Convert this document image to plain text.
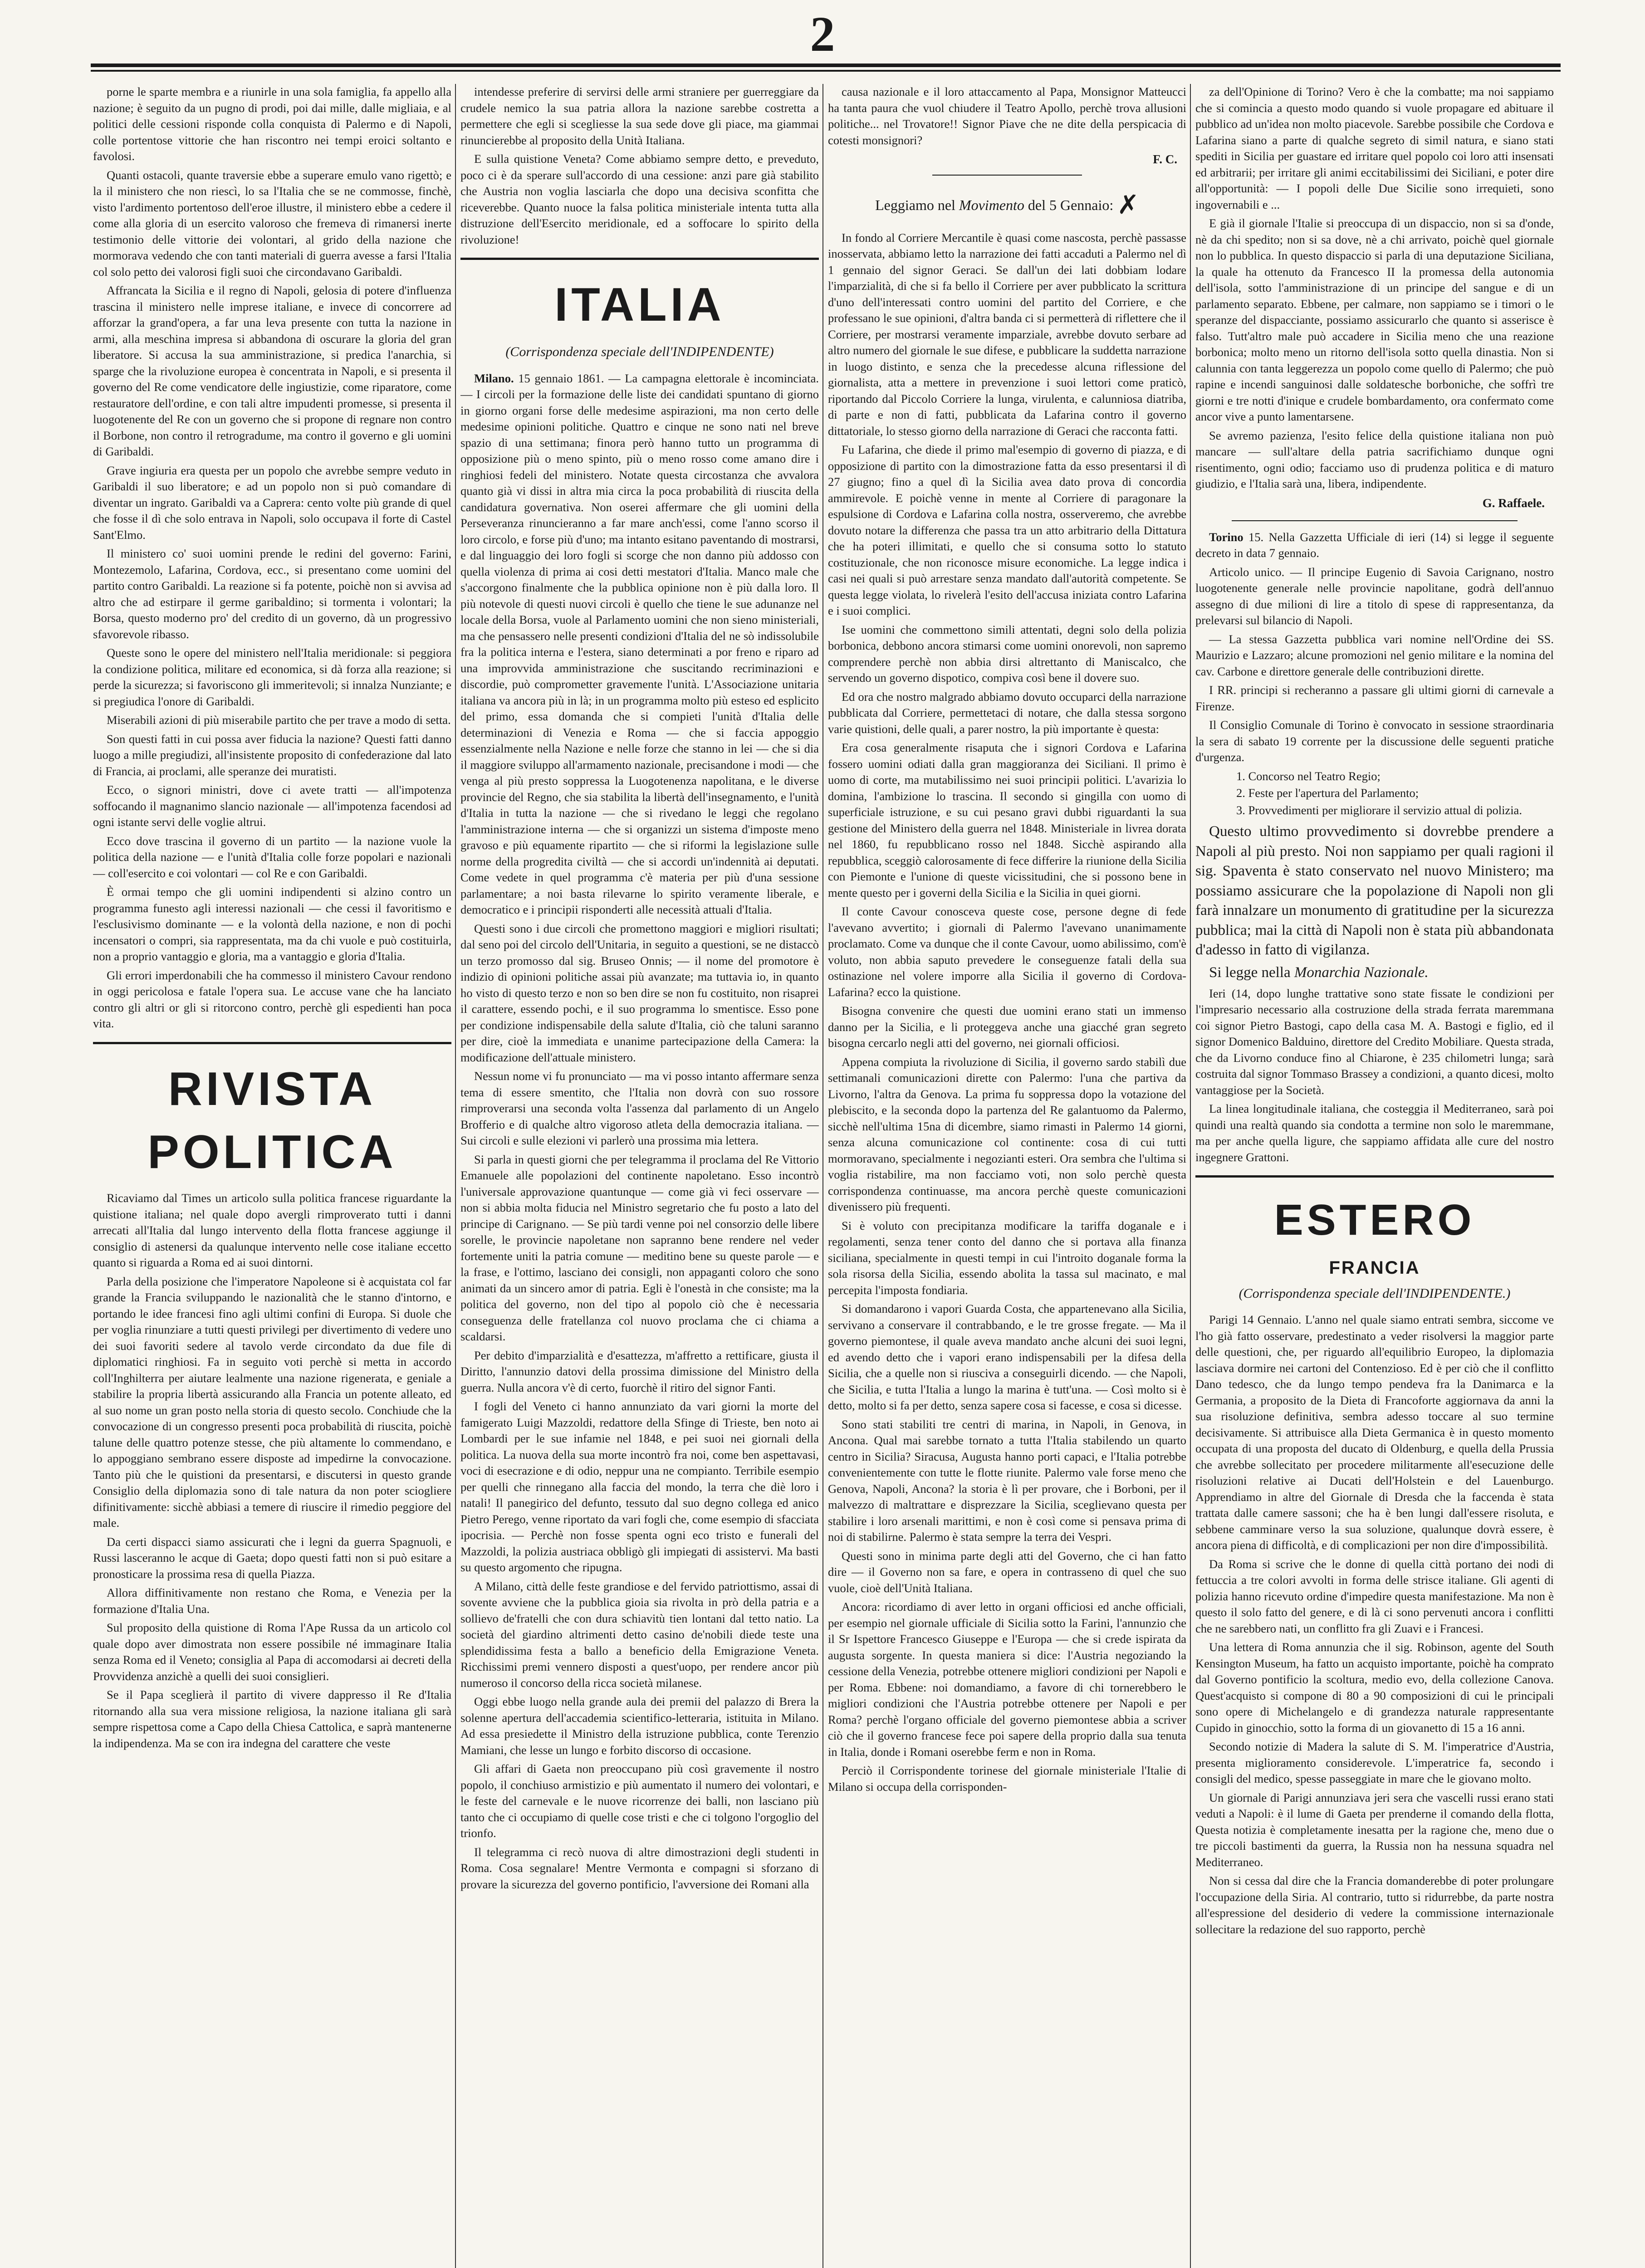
2

porne le sparte membra e a riunirle in una sola famiglia, fa appello alla nazione; è seguito da un pugno di prodi, poi dai mille, dalle migliaia, e al politici delle cessioni risponde colla conquista di Palermo e di Napoli, colle portentose vittorie che han riscontro nei tempi eroici soltanto e favolosi.

Quanti ostacoli, quante traversie ebbe a superare emulo vano rigettò; e la il ministero che non riescì, lo sa l'Italia che se ne commosse, finchè, visto l'ardimento portentoso dell'eroe illustre, il ministero ebbe a cedere il come alla gloria di un esercito valoroso che fremeva di rimanersi inerte testimonio delle vittorie dei volontari, al grido della nazione che mormorava vedendo che con tanti materiali di guerra avesse a farsi l'Italia col solo petto dei valorosi figli suoi che circondavano Garibaldi.

Affrancata la Sicilia e il regno di Napoli, gelosia di potere d'influenza trascina il ministero nelle imprese italiane, e invece di concorrere ad afforzar la grand'opera, a far una leva presente con tutta la nazione in armi, alla meschina impresa si abbandona di oscurare la gloria del gran liberatore. Si accusa la sua amministrazione, si predica l'anarchia, si sparge che la rivoluzione europea è concentrata in Napoli, e si presenta il governo del Re come vendicatore delle ingiustizie, come riparatore, come restauratore dell'ordine, e con tali altre impudenti promesse, si presenta il luogotenente del Re con un governo che si propone di regnare non contro il Borbone, non contro il retrogradume, ma contro il governo e gli uomini di Garibaldi.

Grave ingiuria era questa per un popolo che avrebbe sempre veduto in Garibaldi il suo liberatore; e ad un popolo non si può comandare di diventar un ingrato. Garibaldi va a Caprera: cento volte più grande di quel che fosse il dì che solo entrava in Napoli, solo occupava il forte di Castel Sant'Elmo.

Il ministero co' suoi uomini prende le redini del governo: Farini, Montezemolo, Lafarina, Cordova, ecc., si presentano come uomini del partito contro Garibaldi. La reazione si fa potente, poichè non si avvisa ad altro che ad estirpare il germe garibaldino; si tormenta i volontari; la Borsa, questo moderno pro' del credito di un governo, dà un progressivo sfavorevole ribasso.

Queste sono le opere del ministero nell'Italia meridionale: si peggiora la condizione politica, militare ed economica, si dà forza alla reazione; si perde la sicurezza; si favoriscono gli immeritevoli; si innalza Nunziante; e si pregiudica l'onore di Garibaldi.

Miserabili azioni di più miserabile partito che per trave a modo di setta.

Son questi fatti in cui possa aver fiducia la nazione? Questi fatti danno luogo a mille pregiudizi, all'insistente proposito di confederazione dal lato di Francia, ai proclami, alle speranze dei muratisti.

Ecco, o signori ministri, dove ci avete tratti — all'impotenza soffocando il magnanimo slancio nazionale — all'impotenza facendosi ad ogni istante servi delle voglie altrui.

Ecco dove trascina il governo di un partito — la nazione vuole la politica della nazione — e l'unità d'Italia colle forze popolari e nazionali — coll'esercito e coi volontari — col Re e con Garibaldi.

È ormai tempo che gli uomini indipendenti si alzino contro un programma funesto agli interessi nazionali — che cessi il favoritismo e l'esclusivismo dominante — e la volontà della nazione, e non di pochi incensatori o compri, sia rappresentata, ma da chi vuole e può costituirla, non a proprio vantaggio e gloria, ma a vantaggio e gloria d'Italia.

Gli errori imperdonabili che ha commesso il ministero Cavour rendono in oggi pericolosa e fatale l'opera sua. Le accuse vane che ha lanciato contro gli altri or gli si ritorcono contro, perchè gli espedienti han poca vita.

RIVISTA POLITICA

Ricaviamo dal Times un articolo sulla politica francese riguardante la quistione italiana; nel quale dopo avergli rimproverato tutti i danni arrecati all'Italia dal lungo intervento della flotta francese aggiunge il consiglio di astenersi da qualunque intervento nelle cose italiane eccetto quanto si riguarda a Roma ed ai suoi dintorni.

Parla della posizione che l'imperatore Napoleone si è acquistata col far grande la Francia sviluppando le nazionalità che le stanno d'intorno, e portando le idee francesi fino agli ultimi confini di Europa. Si duole che per voglia rinunziare a tutti questi privilegi per divertimento di vedere uno dei suoi favoriti sedere al tavolo verde circondato da due file di diplomatici ringhiosi. Fa in seguito voti perchè si metta in accordo coll'Inghilterra per aiutare lealmente una nazione rigenerata, e geniale a stabilire la propria libertà assicurando alla Francia un potente alleato, ed al suo nome un gran posto nella storia di questo secolo. Conchiude che la convocazione di un congresso presenti poca probabilità di riuscita, poichè talune delle quattro potenze stesse, che più altamente lo commendano, e lo appoggiano sembrano essere disposte ad impedirne la convocazione. Tanto più che le quistioni da presentarsi, e discutersi in questo grande Consiglio della diplomazia sono di tale natura da non poter sciogliere difinitivamente: sicchè abbiasi a temere di riuscire il rimedio peggiore del male.

Da certi dispacci siamo assicurati che i legni da guerra Spagnuoli, e Russi lasceranno le acque di Gaeta; dopo questi fatti non si può esitare a pronosticare la prossima resa di quella Piazza.

Allora diffinitivamente non restano che Roma, e Venezia per la formazione d'Italia Una.

Sul proposito della quistione di Roma l'Ape Russa da un articolo col quale dopo aver dimostrata non essere possibile né immaginare Italia senza Roma ed il Veneto; consiglia al Papa di accomodarsi ai decreti della Provvidenza anzichè a quelli dei suoi consiglieri.

Se il Papa sceglierà il partito di vivere dappresso il Re d'Italia ritornando alla sua vera missione religiosa, la nazione italiana gli sarà sempre rispettosa come a Capo della Chiesa Cattolica, e saprà mantenerne la indipendenza. Ma se con ira indegna del carattere che veste

intendesse preferire di servirsi delle armi straniere per guerreggiare da crudele nemico la sua patria allora la nazione sarebbe costretta a permettere che egli si scegliesse la sua sede dove gli piace, ma giammai rinuncierebbe al proposito della Unità Italiana.

E sulla quistione Veneta? Come abbiamo sempre detto, e preveduto, poco ci è da sperare sull'accordo di una cessione: anzi pare già stabilito che Austria non voglia lasciarla che dopo una decisiva sconfitta che riceverebbe. Quanto nuoce la falsa politica ministeriale intenta tutta alla distruzione dell'Esercito meridionale, ed a soffocare lo spirito della rivoluzione!

ITALIA
(Corrispondenza speciale dell'INDIPENDENTE)

Milano. 15 gennaio 1861. — La campagna elettorale è incominciata. — I circoli per la formazione delle liste dei candidati spuntano di giorno in giorno organi forse delle medesime aspirazioni, ma non certo delle medesime opinioni politiche. Quattro e cinque ne sono nati nel breve spazio di una settimana; finora però hanno tutto un programma di opposizione più o meno spinto, più o meno rosso come amano dire i ringhiosi fedeli del ministero. Notate questa circostanza che avvalora quanto già vi dissi in altra mia circa la poca probabilità di riuscita della candidatura governativa. Non oserei affermare che gli uomini della Perseveranza rinuncieranno a far mare anch'essi, come l'anno scorso il loro circolo, e forse più d'uno; ma intanto esitano paventando di mostrarsi, e dal linguaggio dei loro fogli si scorge che non danno più addosso con quella violenza di prima ai cosi detti mestatori d'Italia. Manco male che s'accorgono finalmente che la pubblica opinione non è più dalla loro. Il più notevole di questi nuovi circoli è quello che tiene le sue adunanze nel locale della Borsa, vuole al Parlamento uomini che non sieno ministeriali, ma che pensassero nelle presenti condizioni d'Italia del ne sò indissolubile fra la politica interna e l'estera, siano determinati a por freno e riparo ad una improvvida amministrazione che suscitando recriminazioni e discordie, può comprometter gravemente l'unità. L'Associazione unitaria italiana va ancora più in là; in un programma molto più esteso ed esplicito del primo, essa domanda che si compieti l'unità d'Italia delle determinazioni di Venezia e Roma — che si faccia appoggio essenzialmente nella Nazione e nelle forze che stanno in lei — che si dia il maggiore sviluppo all'armamento nazionale, precisandone i modi — che venga al più presto soppressa la Luogotenenza napolitana, e le diverse provincie del Regno, che sia stabilita la libertà dell'insegnamento, e l'unità d'Italia in tutta la nazione — che si rivedano le leggi che regolano l'amministrazione interna — che si organizzi un sistema d'imposte meno gravoso e più equamente ripartito — che si riformi la legislazione sulle norme della progredita civiltà — che si accordi un'indennità ai deputati. Come vedete in quel programma c'è materia per più d'una sessione parlamentare; a noi basta rilevarne lo spirito veramente liberale, e democratico e i principii risponderti alle necessità attuali d'Italia.

Questi sono i due circoli che promettono maggiori e migliori risultati; dal seno poi del circolo dell'Unitaria, in seguito a questioni, se ne distaccò un terzo promosso dal sig. Bruseo Onnis; — il nome del promotore è indizio di opinioni politiche assai più avanzate; ma tuttavia io, in quanto ho visto di questo terzo e non so ben dire se non fu costituito, non risaprei il carattere, essendo pochi, e il suo programma lo smentisce. Esso pone per condizione indispensabile della salute d'Italia, ciò che taluni saranno per dire, cioè la immediata e unanime partecipazione della Camera: la modificazione dell'attuale ministero.

Nessun nome vi fu pronunciato — ma vi posso intanto affermare senza tema di essere smentito, che l'Italia non dovrà con suo rossore rimproverarsi una seconda volta l'assenza dal parlamento di un Angelo Brofferio e di qualche altro vigoroso atleta della democrazia italiana. — Sui circoli e sulle elezioni vi parlerò una prossima mia lettera.

Si parla in questi giorni che per telegramma il proclama del Re Vittorio Emanuele alle popolazioni del continente napoletano. Esso incontrò l'universale approvazione quantunque — come già vi feci osservare — non si abbia molta fiducia nel Ministro segretario che fu posto a lato del principe di Carignano. — Se più tardi venne poi nel consorzio delle libere sorelle, le provincie napoletane non sapranno bene rendere nel veder fortemente uniti la patria comune — meditino bene su queste parole — e la frase, e l'ottimo, lasciano dei consigli, non appaganti coloro che sono animati da un sincero amor di patria. Egli è l'onestà in che consiste; ma la politica del governo, non del tipo al popolo ciò che è necessaria conseguenza delle fratellanza col nuovo proclama che ci chiama a scaldarsi.

Per debito d'imparzialità e d'esattezza, m'affretto a rettificare, giusta il Diritto, l'annunzio datovi della prossima dimissione del Ministro della guerra. Nulla ancora v'è di certo, fuorchè il ritiro del signor Fanti.

I fogli del Veneto ci hanno annunziato da vari giorni la morte del famigerato Luigi Mazzoldi, redattore della Sfinge di Trieste, ben noto ai Lombardi per le sue infamie nel 1848, e pei suoi nei giornali della politica. La nuova della sua morte incontrò fra noi, come ben aspettavasi, voci di esecrazione e di odio, neppur una ne compianto. Terribile esempio per quelli che rinnegano alla faccia del mondo, la terra che diè loro i natali! Il panegirico del defunto, tessuto dal suo degno collega ed anico Pietro Perego, venne riportato da vari fogli che, come esempio di sfacciata ipocrisia. — Perchè non fosse spenta ogni eco tristo e funerali del Mazzoldi, la polizia austriaca obbligò gli impiegati di assistervi. Ma basti su questo argomento che ripugna.

A Milano, città delle feste grandiose e del fervido patriottismo, assai di sovente avviene che la pubblica gioia sia rivolta in prò della patria e a sollievo de'fratelli che con dura schiavitù tien lontani dal tetto natio. La società del giardino altrimenti detto casino de'nobili diede teste una splendidissima festa a ballo a beneficio della Emigrazione Veneta. Ricchissimi premi vennero disposti a quest'uopo, per rendere ancor più numeroso il concorso della ricca società milanese.

Oggi ebbe luogo nella grande aula dei premii del palazzo di Brera la solenne apertura dell'accademia scientifico-letteraria, istituita in Milano. Ad essa presiedette il Ministro della istruzione pubblica, conte Terenzio Mamiani, che lesse un lungo e forbito discorso di occasione.

Gli affari di Gaeta non preoccupano più così gravemente il nostro popolo, il conchiuso armistizio e più aumentato il numero dei volontari, e le feste del carnevale e le nuove ricorrenze dei balli, non lasciano più tanto che ci occupiamo di quelle cose tristi e che ci tolgono l'orgoglio del trionfo.

Il telegramma ci recò nuova di altre dimostrazioni degli studenti in Roma. Cosa segnalare! Mentre Vermonta e compagni si sforzano di provare la sicurezza del governo pontificio, l'avversione dei Romani alla

causa nazionale e il loro attaccamento al Papa, Monsignor Matteucci ha tanta paura che vuol chiudere il Teatro Apollo, perchè trova allusioni politiche... nel Trovatore!! Signor Piave che ne dite della perspicacia di cotesti monsignori?

F. C.
Leggiamo nel Movimento del 5 Gennaio: ✗

In fondo al Corriere Mercantile è quasi come nascosta, perchè passasse inosservata, abbiamo letto la narrazione dei fatti accaduti a Palermo nel dì 1 gennaio del signor Geraci. Se dall'un dei lati dobbiam lodare l'imparzialità, di che si fa bello il Corriere per aver pubblicato la scrittura d'uno dell'interessati contro uomini del partito del Corriere, e che professano le sue opinioni, d'altra banda ci si permetterà di riflettere che il Corriere, per mostrarsi veramente imparziale, avrebbe dovuto serbare ad altro numero del giornale le sue difese, e pubblicare la suddetta narrazione in luogo distinto, e senza che la precedesse alcuna riflessione del giornalista, atta a mettere in prevenzione i suoi lettori come praticò, riportando dal Piccolo Corriere la lunga, virulenta, e calunniosa diatriba, di parte e non di fatti, pubblicata da Lafarina contro il governo dittatoriale, lo stesso giorno della narrazione di Geraci che racconta fatti.

Fu Lafarina, che diede il primo mal'esempio di governo di piazza, e di opposizione di partito con la dimostrazione fatta da esso presentarsi il dì 27 giugno; fino a quel dì la Sicilia avea dato prova di concordia ammirevole. E poichè venne in mente al Corriere di paragonare la espulsione di Cordova e Lafarina colla nostra, osserveremo, che avrebbe dovuto notare la differenza che passa tra un atto arbitrario della Dittatura che ha poteri illimitati, e quello che si consuma sotto lo statuto costituzionale, che non riconosce misure economiche. La legge indica i casi nei quali si può arrestare senza mandato dall'autorità competente. Se questa legge violata, lo rivelerà l'esito dell'accusa iniziata contro Lafarina e i suoi complici.

Ise uomini che commettono simili attentati, degni solo della polizia borbonica, debbono ancora stimarsi come uomini onorevoli, non sapremo comprendere perchè non abbia dirsi altrettanto di Maniscalco, che servendo un governo dispotico, compiva così bene il dovere suo.

Ed ora che nostro malgrado abbiamo dovuto occuparci della narrazione pubblicata dal Corriere, permettetaci di notare, che dalla stessa sorgono varie quistioni, delle quali, a parer nostro, la più importante è questa:

Era cosa generalmente risaputa che i signori Cordova e Lafarina fossero uomini odiati dalla gran maggioranza dei Siciliani. Il primo è uomo di corte, ma mutabilissimo nei suoi principii politici. L'avarizia lo domina, l'ambizione lo trascina. Il secondo si gingilla con uomo di superficiale istruzione, e su cui pesano gravi dubbi riguardanti la sua gestione del Ministero della guerra nel 1848. Ministeriale in livrea dorata nel 1860, fu repubblicano rosso nel 1848. Sicchè aspirando alla repubblica, sceggiò calorosamente di fece differire la riunione della Sicilia con Piemonte e l'unione di queste vicissitudini, che si possono bene in mente questo per i governi della Sicilia e la Sicilia in quei giorni.

Il conte Cavour conosceva queste cose, persone degne di fede l'avevano avvertito; i giornali di Palermo l'avevano unanimamente proclamato. Come va dunque che il conte Cavour, uomo abilissimo, com'è voluto, non abbia saputo prevedere le conseguenze fatali della sua ostinazione nel volere imporre alla Sicilia il governo di Cordova-Lafarina? ecco la quistione.

Bisogna convenire che questi due uomini erano stati un immenso danno per la Sicilia, e li proteggeva anche una giacché gran segreto bisogna cercarlo negli atti del governo, nei giornali officiosi.

Appena compiuta la rivoluzione di Sicilia, il governo sardo stabilì due settimanali comunicazioni dirette con Palermo: l'una che partiva da Livorno, l'altra da Genova. La prima fu soppressa dopo la votazione del plebiscito, e la seconda dopo la partenza del Re galantuomo da Palermo, sicchè nell'ultima 15na di dicembre, siamo rimasti in Palermo 14 giorni, senza alcuna comunicazione col continente: cosa di cui tutti mormoravano, specialmente i negozianti esteri. Ora sembra che l'ultima si voglia ristabilire, ma non facciamo voti, non solo perchè questa corrispondenza continuasse, ma ancora perchè queste comunicazioni divenissero più frequenti.

Si è voluto con precipitanza modificare la tariffa doganale e i regolamenti, senza tener conto del danno che si portava alla finanza siciliana, specialmente in questi tempi in cui l'introito doganale forma la sola risorsa della Sicilia, essendo abolita la tassa sul macinato, e mal percepita l'imposta fondiaria.

Si domandarono i vapori Guarda Costa, che appartenevano alla Sicilia, servivano a conservare il contrabbando, e le tre grosse fregate. — Ma il governo piemontese, il quale aveva mandato anche alcuni dei suoi legni, ed avendo detto che i vapori erano indispensabili per la difesa della Sicilia, che a quelle non si riusciva a conseguirli dicendo. — che Napoli, che Sicilia, e tutta l'Italia a lungo la marina è tutt'una. — Così molto si è detto, molto si fa per detto, senza sapere cosa si facesse, e cosa si dicesse.

Sono stati stabiliti tre centri di marina, in Napoli, in Genova, in Ancona. Qual mai sarebbe tornato a tutta l'Italia stabilendo un quarto centro in Sicilia? Siracusa, Augusta hanno porti capaci, e l'Italia potrebbe convenientemente con tutte le flotte riunite. Palermo vale forse meno che Genova, Napoli, Ancona? la storia è lì per provare, che i Borboni, per il malvezzo di maltrattare e disprezzare la Sicilia, sceglievano questa per stabilire i loro arsenali marittimi, e non è così come si pensava prima di noi di stabilirne. Palermo è stata sempre la terra dei Vespri.

Questi sono in minima parte degli atti del Governo, che ci han fatto dire — il Governo non sa fare, e opera in contrasseno di quel che suo vuole, cioè dell'Unità Italiana.

Ancora: ricordiamo di aver letto in organi officiosi ed anche officiali, per esempio nel giornale ufficiale di Sicilia sotto la Farini, l'annunzio che il Sr Ispettore Francesco Giuseppe e l'Europa — che si crede ispirata da augusta sorgente. In questa maniera si dice: l'Austria negoziando la cessione della Venezia, potrebbe ottenere migliori condizioni per Napoli e per Roma. Ebbene: noi domandiamo, a favore di chi tornerebbero le migliori condizioni che l'Austria potrebbe ottenere per Napoli e per Roma? perchè l'organo officiale del governo piemontese abbia a scriver ciò che il governo francese fece poi sapere della proprio dalla sua tenuta in Italia, donde i Romani oserebbe ferm e non in Roma.

Perciò il Corrispondente torinese del giornale ministeriale l'Italie di Milano si occupa della corrisponden-

za dell'Opinione di Torino? Vero è che la combatte; ma noi sappiamo che si comincia a questo modo quando si vuole propagare ed abituare il pubblico ad un'idea non molto piacevole. Sarebbe possibile che Cordova e Lafarina siano a parte di qualche segreto di simil natura, e siano stati spediti in Sicilia per guastare ed irritare quel popolo coi loro atti insensati ed arbitrarii; per irritare gli animi eccitabilissimi dei Siciliani, e poter dire all'opportunità: — I popoli delle Due Sicilie sono irrequieti, sono ingovernabili e ...

E già il giornale l'Italie si preoccupa di un dispaccio, non si sa d'onde, nè da chi spedito; non si sa dove, nè a chi arrivato, poichè quel giornale non lo pubblica. In questo dispaccio si parla di una deputazione Siciliana, la quale ha ottenuto da Francesco II la promessa della autonomia dell'isola, sotto l'amministrazione di un principe del sangue e di un parlamento separato. Ebbene, per calmare, non sappiamo se i timori o le speranze del dispacciante, possiamo assicurarlo che quanto si asserisce è falso. Tutt'altro male può accadere in Sicilia meno che una reazione borbonica; molto meno un ritorno dell'isola sotto quella dinastia. Non si calunnia con tanta leggerezza un popolo come quello di Palermo; che può rapine e incendi sanguinosi dalle soldatesche borboniche, che soffrì tre giorni e tre notti d'inique e crudele bombardamento, ora confermato come ancor vive a punto lamentarsene.

Se avremo pazienza, l'esito felice della quistione italiana non può mancare — sull'altare della patria sacrifichiamo dunque ogni risentimento, ogni odio; facciamo uso di prudenza politica e di maturo giudizio, e l'Italia sarà una, libera, indipendente.

G. Raffaele.

Torino 15. Nella Gazzetta Ufficiale di ieri (14) si legge il seguente decreto in data 7 gennaio.

Articolo unico. — Il principe Eugenio di Savoia Carignano, nostro luogotenente generale nelle provincie napolitane, godrà dell'annuo assegno di due milioni di lire a titolo di spese di rappresentanza, da prelevarsi sul bilancio di Napoli.

— La stessa Gazzetta pubblica vari nomine nell'Ordine dei SS. Maurizio e Lazzaro; alcune promozioni nel genio militare e la nomina del cav. Carbone e direttore generale delle contribuzioni dirette.

I RR. principi si recheranno a passare gli ultimi giorni di carnevale a Firenze.

Il Consiglio Comunale di Torino è convocato in sessione straordinaria la sera di sabato 19 corrente per la discussione delle seguenti pratiche d'urgenza.

1. Concorso nel Teatro Regio;
2. Feste per l'apertura del Parlamento;
3. Provvedimenti per migliorare il servizio attual di polizia.

Questo ultimo provvedimento si dovrebbe prendere a Napoli al più presto. Noi non sappiamo per quali ragioni il sig. Spaventa è stato conservato nel nuovo Ministero; ma possiamo assicurare che la popolazione di Napoli non gli farà innalzare un monumento di gratitudine per la sicurezza pubblica; mai la città di Napoli non è stata più abbandonata d'adesso in fatto di vigilanza.

Si legge nella Monarchia Nazionale.

Ieri (14, dopo lunghe trattative sono state fissate le condizioni per l'impresario necessario alla costruzione della strada ferrata maremmana coi signor Pietro Bastogi, capo della casa M. A. Bastogi e figlio, ed il signor Domenico Balduino, direttore del Credito Mobiliare. Questa strada, che da Livorno conduce fino al Chiarone, è 235 chilometri lunga; sarà costruita dal signor Tommaso Brassey a condizioni, a quanto dicesi, molto vantaggiose per la Società.

La linea longitudinale italiana, che costeggia il Mediterraneo, sarà poi quindi una realtà quando sia condotta a termine non solo le maremmane, ma per anche quella ligure, che sappiamo affidata alle cure del nostro ingegnere Grattoni.

ESTERO
FRANCIA
(Corrispondenza speciale dell'INDIPENDENTE.)

Parigi 14 Gennaio. L'anno nel quale siamo entrati sembra, siccome ve l'ho già fatto osservare, predestinato a veder risolversi la maggior parte delle questioni, che, per riguardo all'equilibrio Europeo, la diplomazia lasciava dormire nei cartoni del Contenzioso. Ed è per ciò che il conflitto Dano tedesco, che da lungo tempo pendeva fra la Danimarca e la Germania, a proposito de la Dieta di Francoforte aggiornava da anni la sua risoluzione definitiva, sembra adesso toccare al suo termine decisivamente. Si attribuisce alla Dieta Germanica è in questo momento occupata di una proposta del ducato di Oldenburg, e quella della Prussia che avrebbe sollecitato per procedere militarmente all'esecuzione delle risoluzioni relative ai Ducati dell'Holstein e del Lauenburgo. Apprendiamo in altre del Giornale di Dresda che la faccenda è stata trattata dalle camere sassoni; che ha è ben lungi dall'essere risoluta, e sebbene camminare verso la sua soluzione, qualunque dovrà essere, è ancora piena di difficoltà, e di complicazioni per non dire d'impossibilità.

Da Roma si scrive che le donne di quella città portano dei nodi di fettuccia a tre colori avvolti in forma delle strisce italiane. Gli agenti di polizia hanno ricevuto ordine d'impedire questa manifestazione. Ma non è questo il solo fatto del genere, e di là ci sono pervenuti ancora i conflitti che ne sarebbero nati, un conflitto fra gli Zuavi e i Francesi.

Una lettera di Roma annunzia che il sig. Robinson, agente del South Kensington Museum, ha fatto un acquisto importante, poichè ha comprato dal Governo pontificio la scoltura, medio evo, della collezione Canova. Quest'acquisto si compone di 80 a 90 composizioni di cui le principali sono opere di Michelangelo e di grandezza naturale rappresentante Cupido in ginocchio, sotto la forma di un giovanetto di 15 a 16 anni.

Secondo notizie di Madera la salute di S. M. l'imperatrice d'Austria, presenta miglioramento considerevole. L'imperatrice fa, secondo i consigli del medico, spesse passeggiate in mare che le giovano molto.

Un giornale di Parigi annunziava jeri sera che vascelli russi erano stati veduti a Napoli: è il lume di Gaeta per prenderne il comando della flotta, Questa notizia è completamente inesatta per la ragione che, meno due o tre piccoli bastimenti da guerra, la Russia non ha nessuna squadra nel Mediterraneo.

Non si cessa dal dire che la Francia domanderebbe di poter prolungare l'occupazione della Siria. Al contrario, tutto si ridurrebbe, da parte nostra all'espressione del desiderio di vedere la commissione internazionale sollecitare la redazione del suo rapporto, perchè
